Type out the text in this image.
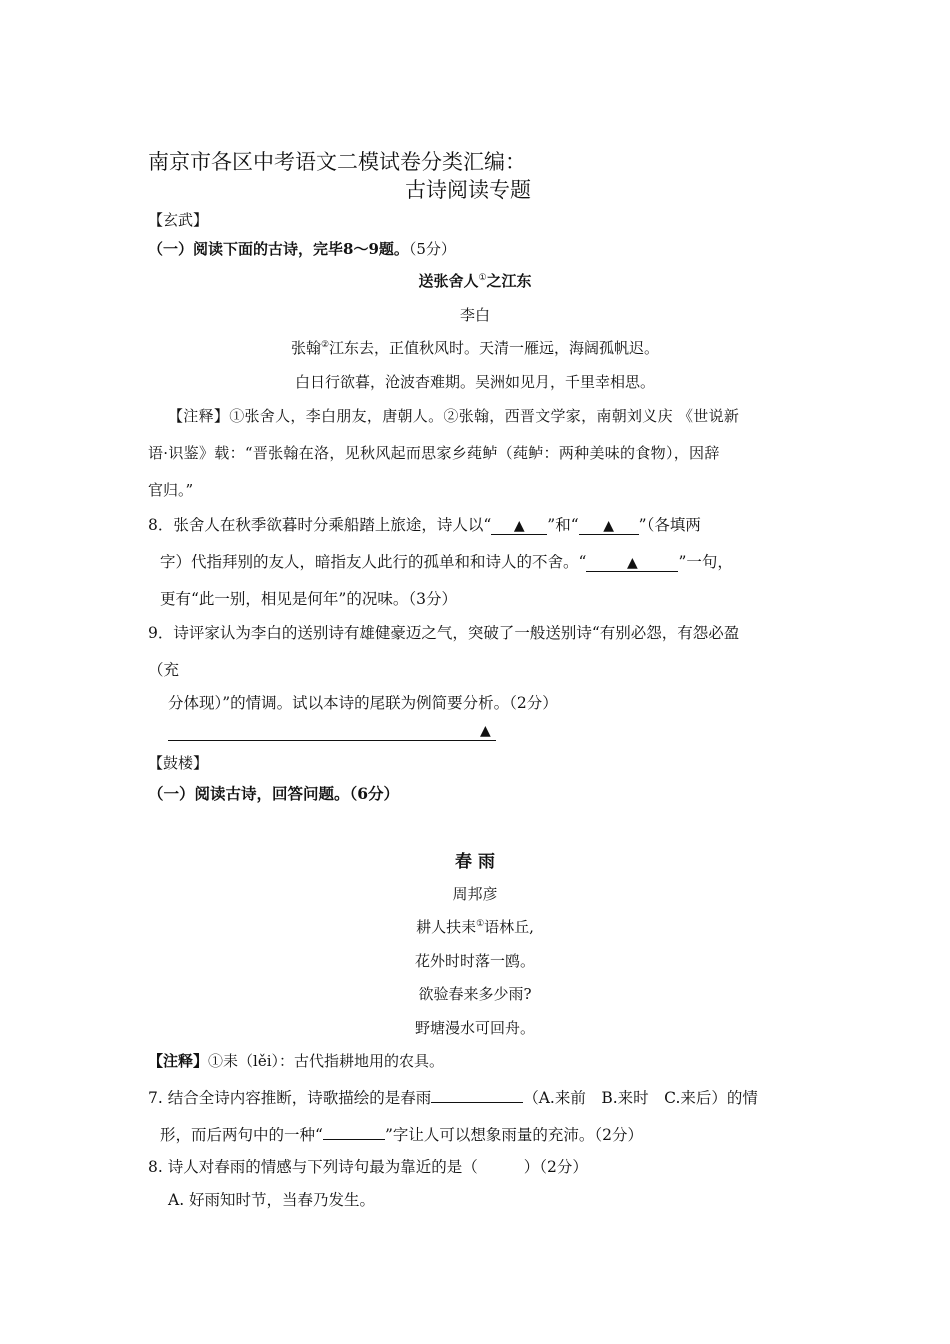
南京市各区中考语文二模试卷分类汇编：
古诗阅读专题
【玄武】
（一）阅读下面的古诗，完毕8～9题。（5分）
送张舍人①之江东
李白
张翰②江东去，正值秋风时。天清一雁远，海阔孤帆迟。
白日行欲暮，沧波杳难期。吴洲如见月，千里幸相思。
【注释】①张舍人，李白朋友，唐朝人。②张翰，西晋文学家，南朝刘义庆 《世说新
语·识鉴》载：“晋张翰在洛，见秋风起而思家乡莼鲈（莼鲈：两种美味的食物），因辞
官归。”
8．张舍人在秋季欲暮时分乘船踏上旅途，诗人以“ ▲ ”和“ ▲ ”（各填两
字）代指拜别的友人，暗指友人此行的孤单和和诗人的不舍。“	▲	”一句，
更有“此一别，相见是何年”的况味。（3分）
9．诗评家认为李白的送别诗有雄健豪迈之气，突破了一般送别诗“有别必怨，有怨必盈
（充
分体现）”的情调。试以本诗的尾联为例简要分析。（2分）
▲
【鼓楼】
（一）阅读古诗，回答问题。（6分）
春 雨
周邦彦
耕人扶耒①语林丘,
花外时时落一鸥。
欲验春来多少雨?
野塘漫水可回舟。
【注释】①耒（lěi）：古代指耕地用的农具。
7. 结合全诗内容推断，诗歌描绘的是春雨	（A.来前　B.来时　C.来后）的情
形，而后两句中的一种“	”字让人可以想象雨量的充沛。（2分）
8. 诗人对春雨的情感与下列诗句最为靠近的是（	）（2分）
A. 好雨知时节，当春乃发生。
